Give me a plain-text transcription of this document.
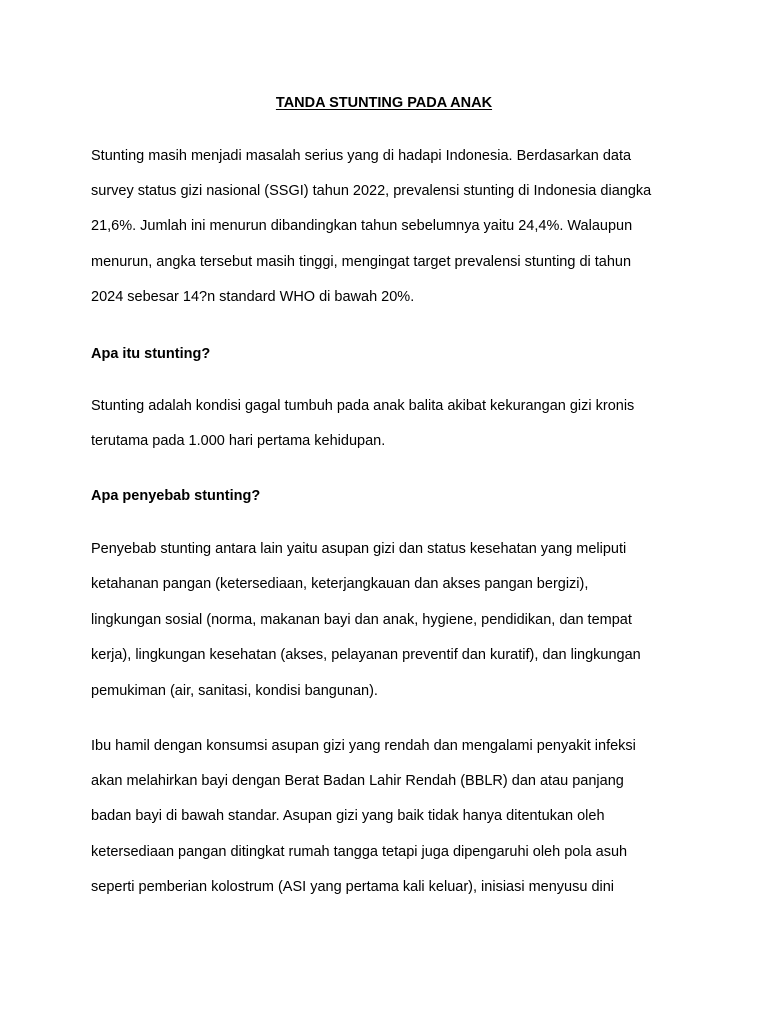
TANDA STUNTING PADA ANAK
Stunting masih menjadi masalah serius yang di hadapi Indonesia. Berdasarkan data
survey status gizi nasional (SSGI) tahun 2022, prevalensi stunting di Indonesia diangka
21,6%. Jumlah ini menurun dibandingkan tahun sebelumnya yaitu 24,4%. Walaupun
menurun, angka tersebut masih tinggi, mengingat target prevalensi stunting di tahun
2024 sebesar 14?n standard WHO di bawah 20%.
Apa itu stunting?
Stunting adalah kondisi gagal tumbuh pada anak balita akibat kekurangan gizi kronis
terutama pada 1.000 hari pertama kehidupan.
Apa penyebab stunting?
Penyebab stunting antara lain yaitu asupan gizi dan status kesehatan yang meliputi
ketahanan pangan (ketersediaan, keterjangkauan dan akses pangan bergizi),
lingkungan sosial (norma, makanan bayi dan anak, hygiene, pendidikan, dan tempat
kerja), lingkungan kesehatan (akses, pelayanan preventif dan kuratif), dan lingkungan
pemukiman (air, sanitasi, kondisi bangunan).
Ibu hamil dengan konsumsi asupan gizi yang rendah dan mengalami penyakit infeksi
akan melahirkan bayi dengan Berat Badan Lahir Rendah (BBLR) dan atau panjang
badan bayi di bawah standar. Asupan gizi yang baik tidak hanya ditentukan oleh
ketersediaan pangan ditingkat rumah tangga tetapi juga dipengaruhi oleh pola asuh
seperti pemberian kolostrum (ASI yang pertama kali keluar), inisiasi menyusu dini
